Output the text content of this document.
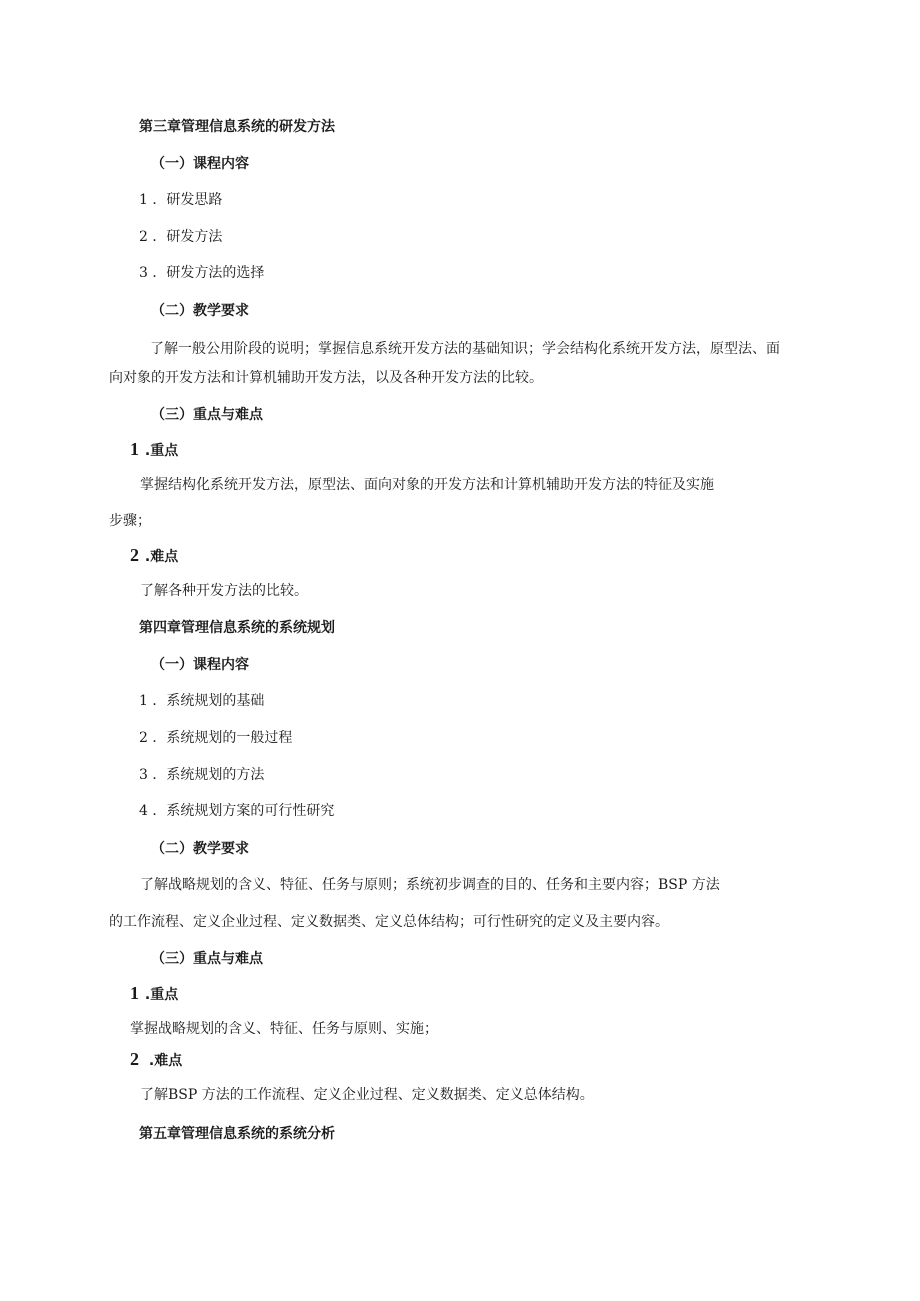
第三章管理信息系统的研发方法
（一）课程内容
1 ．研发思路
2 ．研发方法
3 ．研发方法的选择
（二）教学要求
了解一般公用阶段的说明；掌握信息系统开发方法的基础知识；学会结构化系统开发方法，原型法、面
向对象的开发方法和计算机辅助开发方法，以及各种开发方法的比较。
（三）重点与难点
1 .重点
掌握结构化系统开发方法，原型法、面向对象的开发方法和计算机辅助开发方法的特征及实施
步骤；
2 .难点
了解各种开发方法的比较。
第四章管理信息系统的系统规划
（一）课程内容
1 ．系统规划的基础
2 ．系统规划的一般过程
3 ．系统规划的方法
4 ．系统规划方案的可行性研究
（二）教学要求
了解战略规划的含义、特征、任务与原则；系统初步调查的目的、任务和主要内容；BSP 方法
的工作流程、定义企业过程、定义数据类、定义总体结构；可行性研究的定义及主要内容。
（三）重点与难点
1 .重点
掌握战略规划的含义、特征、任务与原则、实施；
2 .难点
了解BSP 方法的工作流程、定义企业过程、定义数据类、定义总体结构。
第五章管理信息系统的系统分析
